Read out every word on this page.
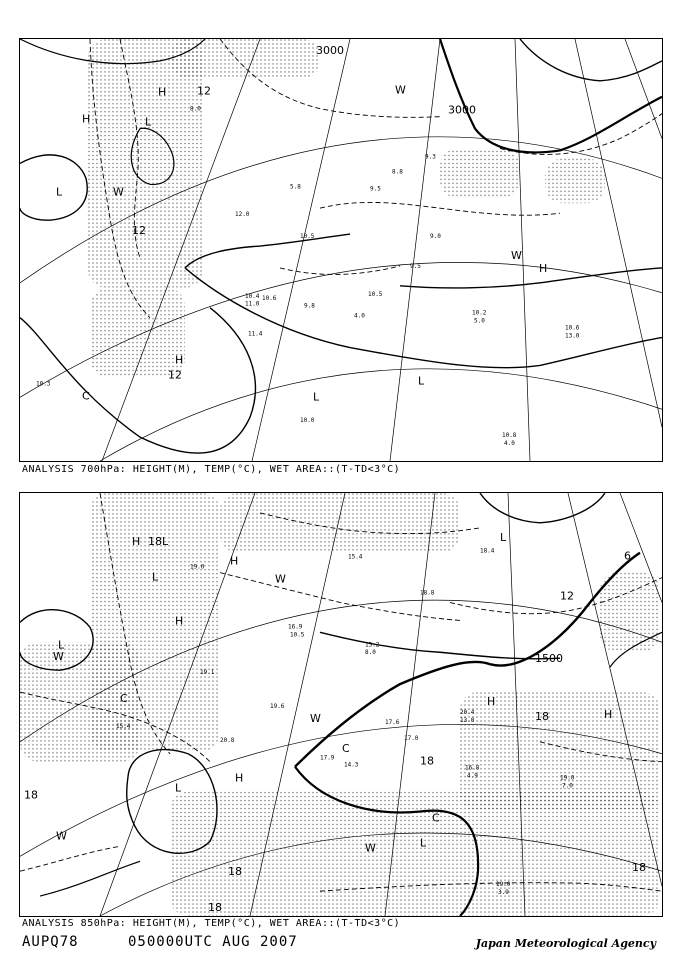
10.8
4.0
10.2
5.0
10.6
13.0
10.4
11.0	9.8
4.0
10.5
9.5
10.5
5.8	9.5
8.8
9.3
9.0
10.3
8.0
10.0
10.6
11.4
12.0
H
H
L
L	W
W
W
H
H
C	L
L
12
12
12
3000
3000
ANALYSIS 700hPa: HEIGHT(M), TEMP(°C), WET AREA::(T-TD<3°C)
16.8
4.9
19.0
3.9
19.0
7.0
20.4
13.0
17.9
14.3
15.2
8.0
16.9
10.5
18.8
17.6
20.8
19.0
19.1
15.4
19.6
17.0
18.4
15.4
H 18 L
L
L
W
H
H
W
W
C	H
H
18
12
1500
C
18
H
L
C
L
W
18
W
18
18
18
6
L
ANALYSIS 850hPa: HEIGHT(M), TEMP(°C), WET AREA::(T-TD<3°C)
AUPQ78	050000UTC AUG 2007	Japan Meteorological Agency
